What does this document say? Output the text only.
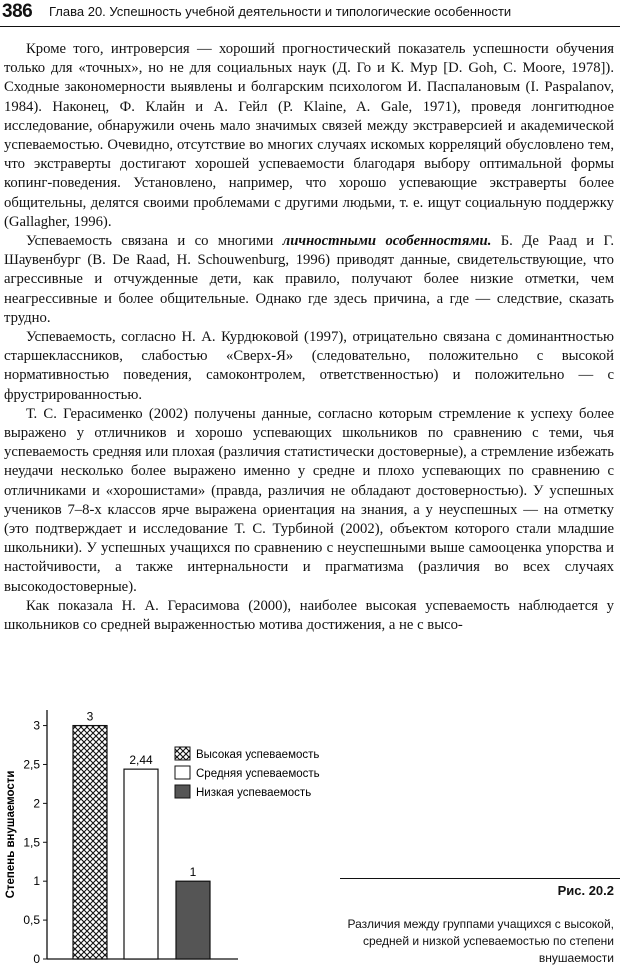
386 Глава 20. Успешность учебной деятельности и типологические особенности

Кроме того, интроверсия — хороший прогностический показатель успешности обучения только для «точных», но не для социальных наук (Д. Го и К. Мур [D. Goh, C. Moore, 1978]). Сходные закономерности выявлены и болгарским психологом И. Паспалановым (I. Paspalanov, 1984). Наконец, Ф. Клайн и А. Гейл (P. Klaine, A. Gale, 1971), проведя лонгитюдное исследование, обнаружили очень мало значимых связей между экстраверсией и академической успеваемостью. Очевидно, отсутствие во многих случаях искомых корреляций обусловлено тем, что экстраверты достигают хорошей успеваемости благодаря выбору оптимальной формы копинг-поведения. Установлено, например, что хорошо успевающие экстраверты более общительны, делятся своими проблемами с другими людьми, т. е. ищут социальную поддержку (Gallagher, 1996).

Успеваемость связана и со многими личностными особенностями. Б. Де Раад и Г. Шаувенбург (B. De Raad, H. Schouwenburg, 1996) приводят данные, свидетельствующие, что агрессивные и отчужденные дети, как правило, получают более низкие отметки, чем неагрессивные и более общительные. Однако где здесь причина, а где — следствие, сказать трудно.

Успеваемость, согласно Н. А. Курдюковой (1997), отрицательно связана с доминантностью старшеклассников, слабостью «Сверх-Я» (следовательно, положительно с высокой нормативностью поведения, самоконтролем, ответственностью) и положительно — с фрустрированностью.

Т. С. Герасименко (2002) получены данные, согласно которым стремление к успеху более выражено у отличников и хорошо успевающих школьников по сравнению с теми, чья успеваемость средняя или плохая (различия статистически достоверные), а стремление избежать неудачи несколько более выражено именно у средне и плохо успевающих по сравнению с отличниками и «хорошистами» (правда, различия не обладают достоверностью). У успешных учеников 7–8-х классов ярче выражена ориентация на знания, а у неуспешных — на отметку (это подтверждает и исследование Т. С. Турбиной (2002), объектом которого стали младшие школьники). У успешных учащихся по сравнению с неуспешными выше самооценка упорства и настойчивости, а также интернальности и прагматизма (различия во всех случаях высокодостоверные).

Как показала Н. А. Герасимова (2000), наиболее высокая успеваемость наблюдается у школьников со средней выраженностью мотива достижения, а не с высо-

0
0,5
1
1,5
2
2,5
3
Степень внушаемости
3
2,44
1
Высокая успеваемость
Средняя успеваемость
Низкая успеваемость
Рис. 20.2
Различия между группами учащихся с высокой, средней и низкой успеваемостью по степени внушаемости
